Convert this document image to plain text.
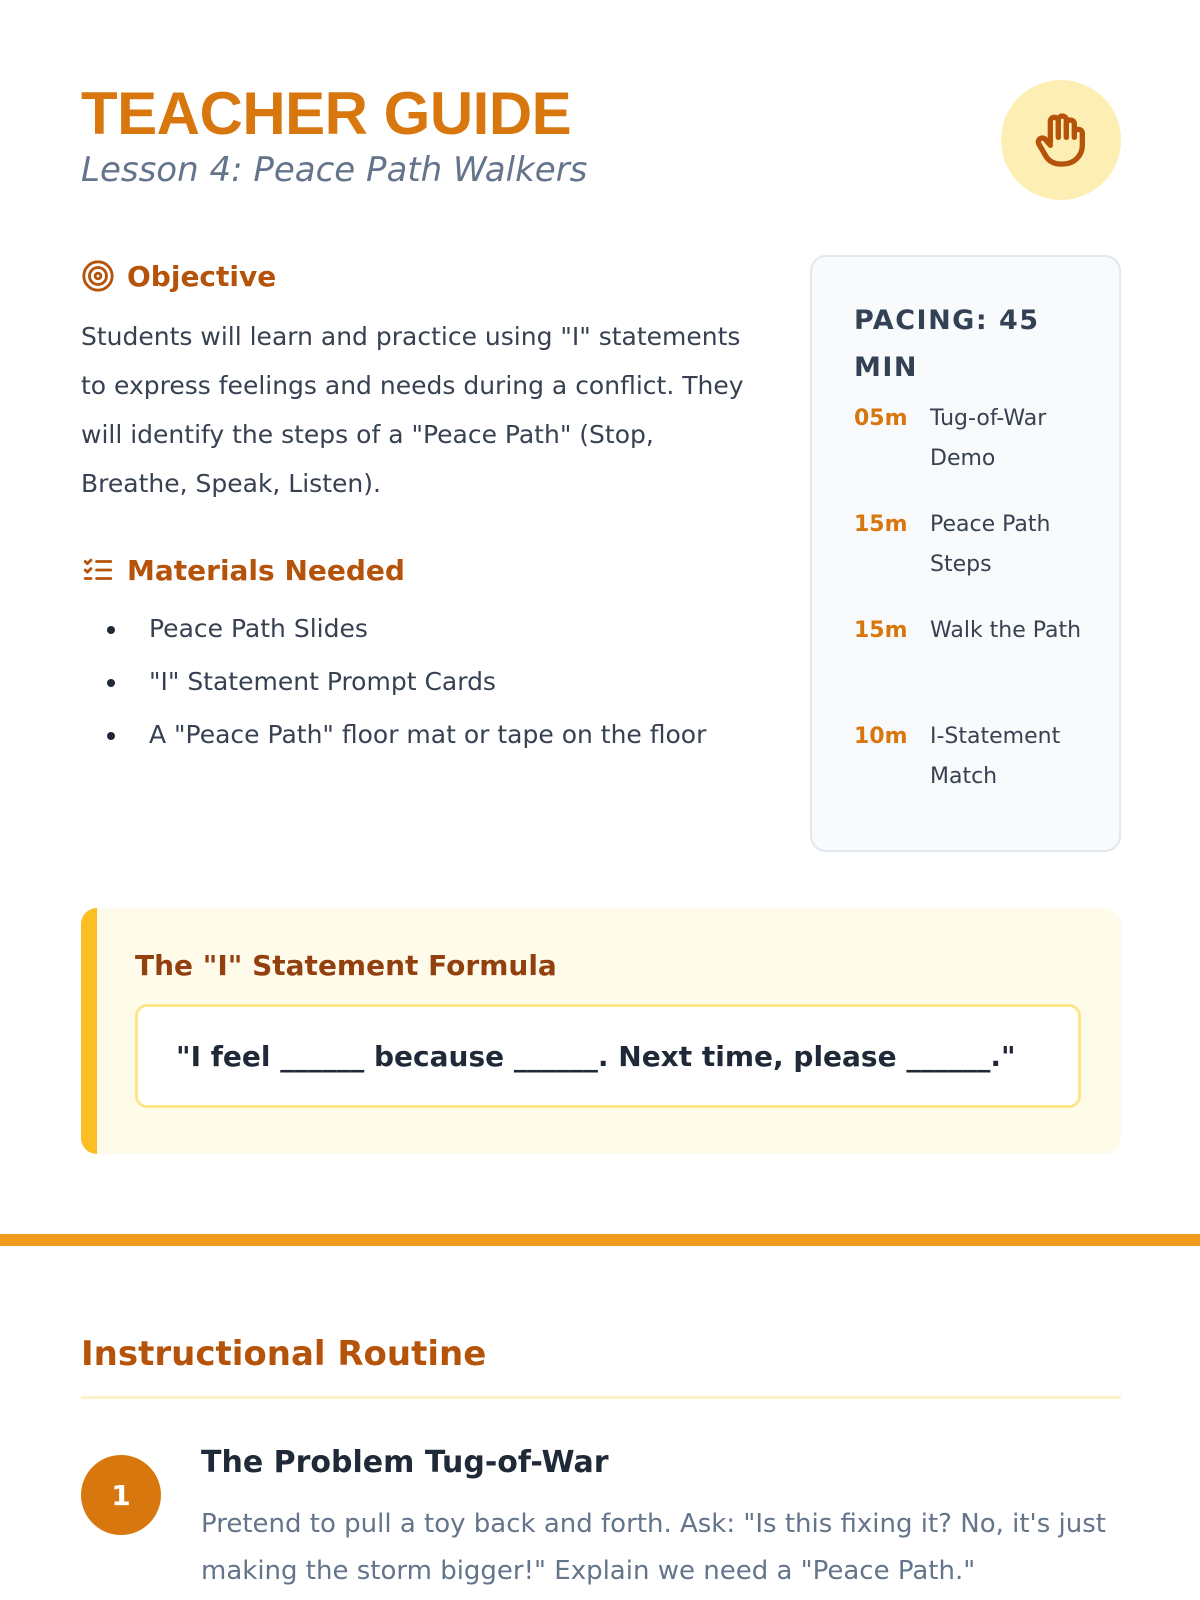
TEACHER GUIDE
Lesson 4: Peace Path Walkers
Objective

Students will learn and practice using "I" statements to express feelings and needs during a conflict. They will identify the steps of a "Peace Path" (Stop, Breathe, Speak, Listen).

Materials Needed
Peace Path Slides
"I" Statement Prompt Cards
A "Peace Path" floor mat or tape on the floor
PACING: 45 MIN
05m Tug-of-War Demo
15m Peace Path Steps
15m Walk the Path
10m I-Statement Match
The "I" Statement Formula
"I feel ______ because ______. Next time, please ______."
Instructional Routine
1
The Problem Tug-of-War

Pretend to pull a toy back and forth. Ask: "Is this fixing it? No, it's just making the storm bigger!" Explain we need a "Peace Path."
